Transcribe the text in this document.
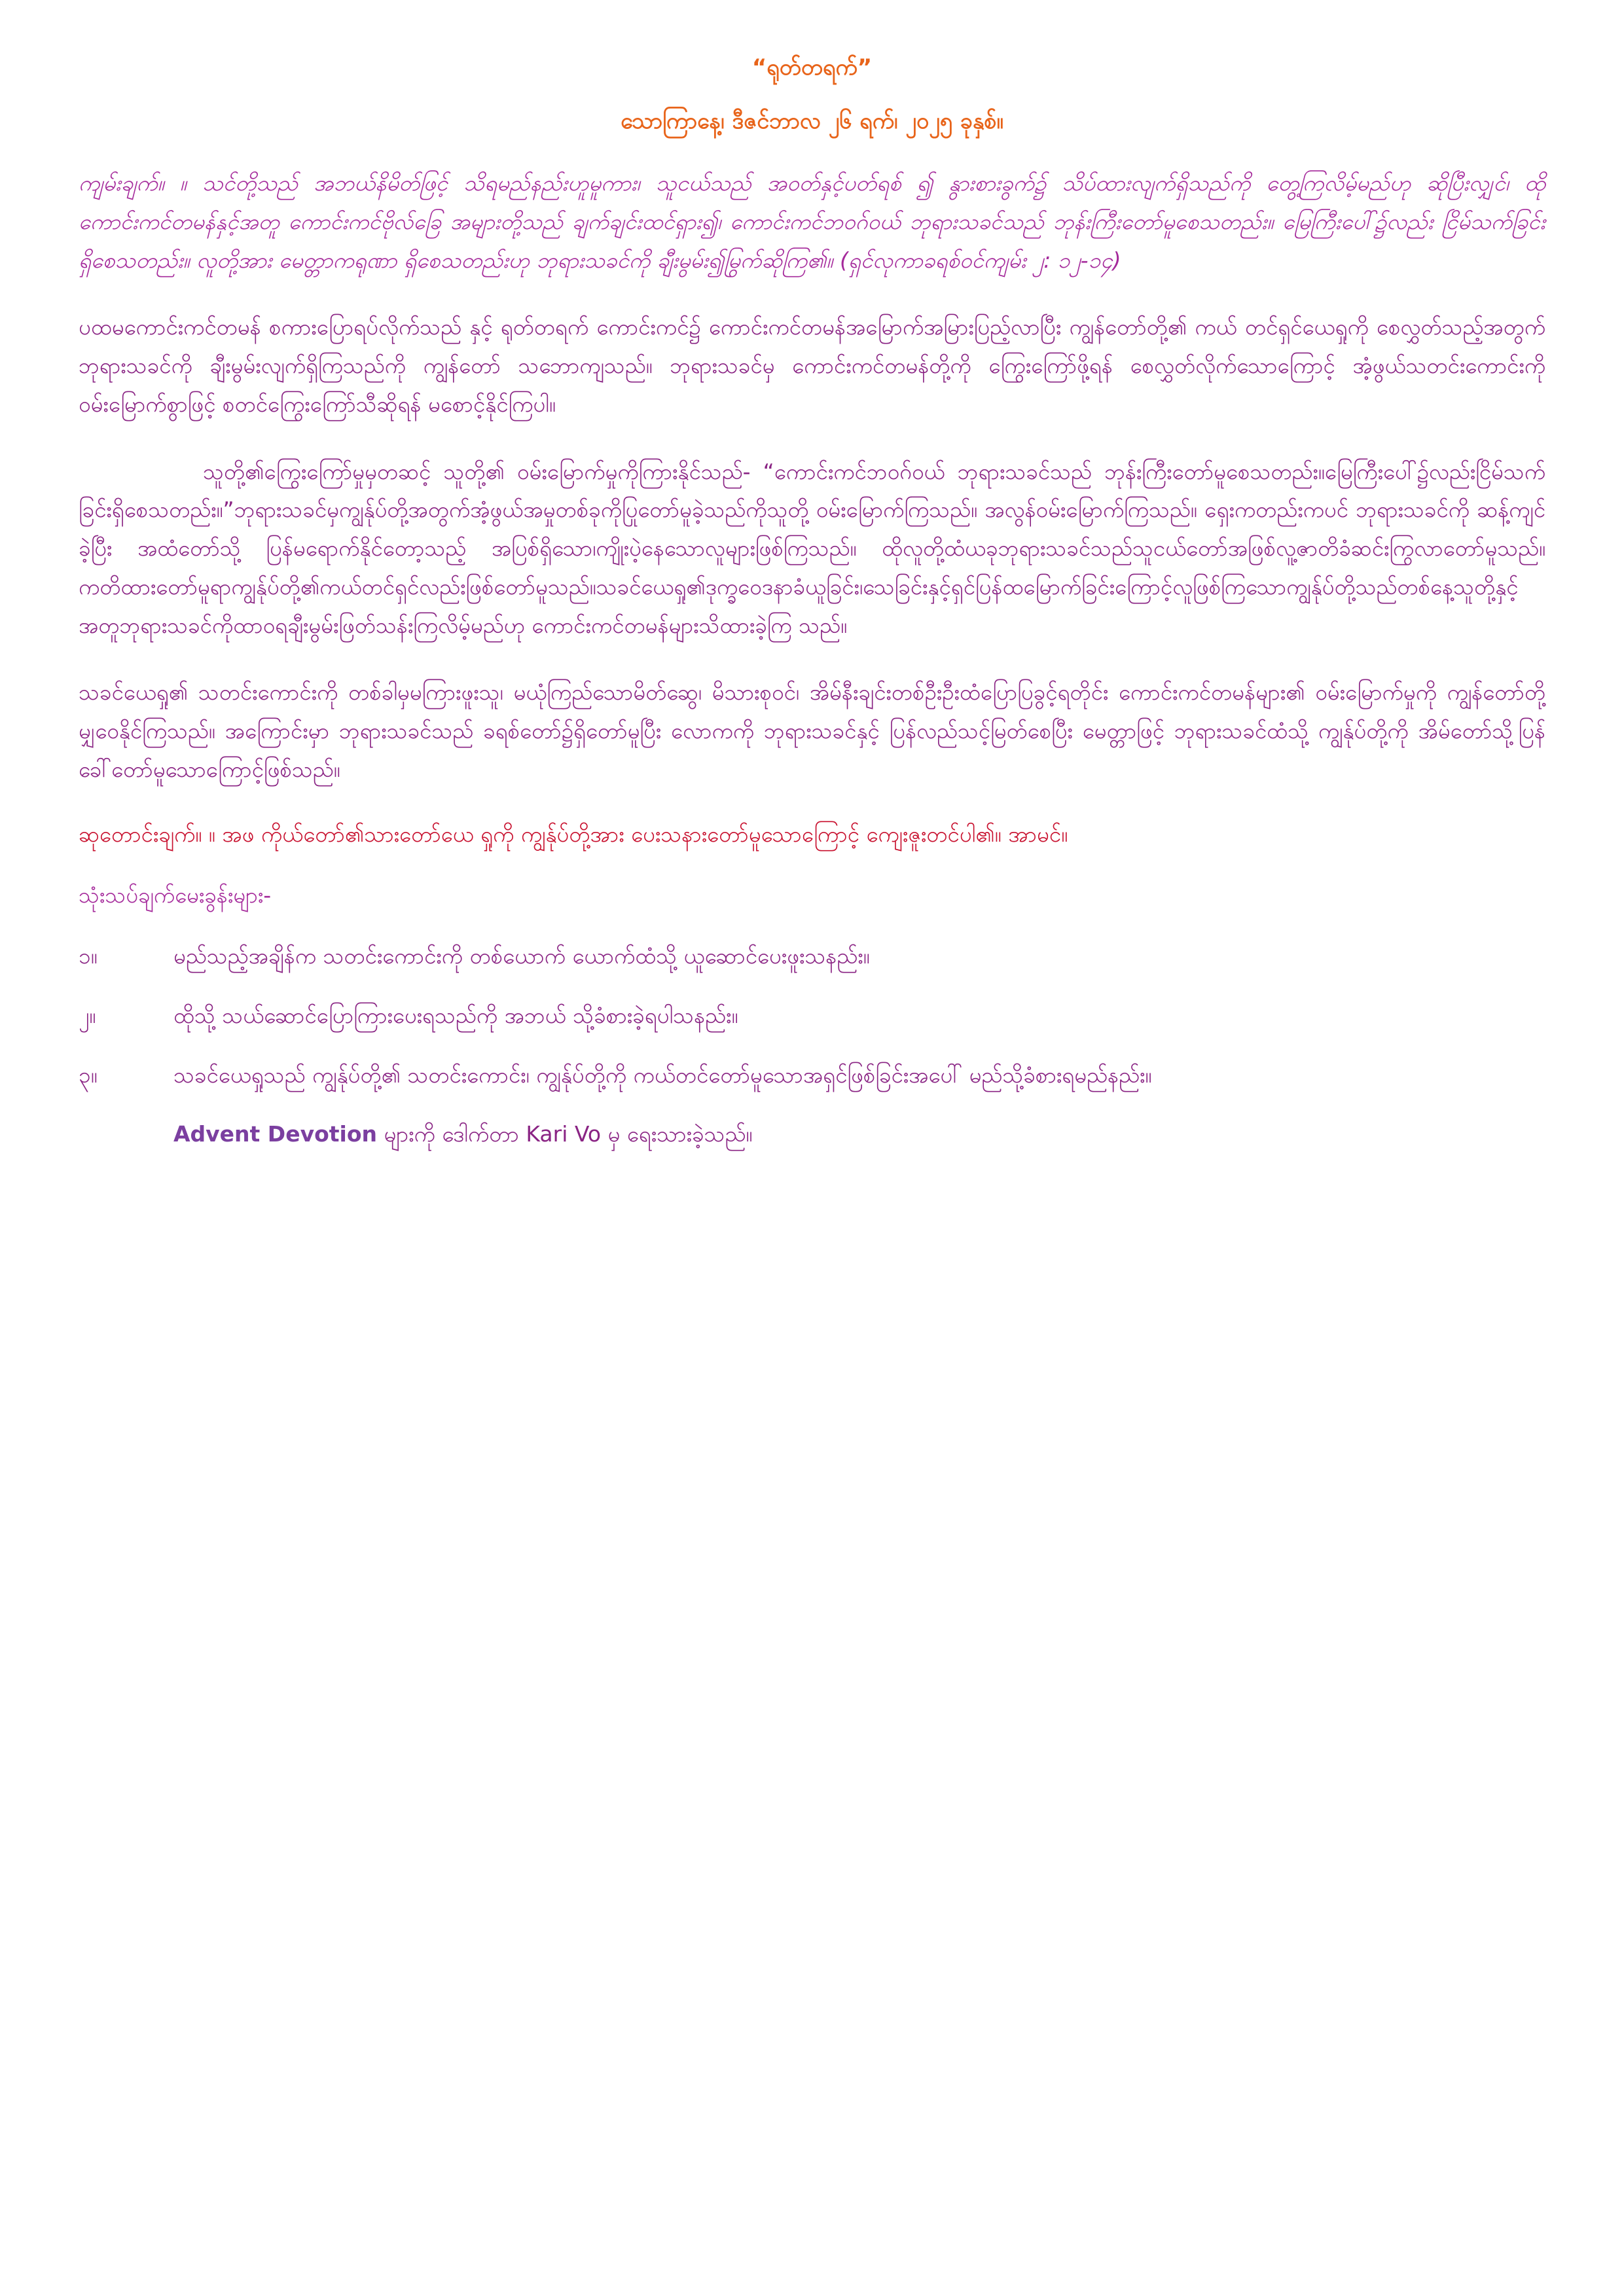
“ရုတ်တရက်”
သောကြာနေ့၊ ဒီဇင်ဘာလ ၂၆ ရက်၊ ၂၀၂၅ ခုနှစ်။

ကျမ်းချက်။ ။ သင်တို့သည် အဘယ်နိမိတ်ဖြင့် သိရမည်နည်းဟူမူကား၊ သူငယ်သည် အဝတ်နှင့်ပတ်ရစ် ၍ နွားစားခွက်၌ သိပ်ထားလျက်ရှိသည်ကို တွေ့ကြလိမ့်မည်ဟု ဆိုပြီးလျှင်၊ ထိုကောင်းကင်တမန်နှင့်အတူ ကောင်းကင်ဗိုလ်ခြေ အများတို့သည် ချက်ချင်းထင်ရှား၍၊ ကောင်းကင်ဘဝဂ်ဝယ် ဘုရားသခင်သည် ဘုန်းကြီးတော်မူစေသတည်း။ မြေကြီးပေါ်၌လည်း ငြိမ်သက်ခြင်း ရှိစေသတည်း။ လူတို့အား မေတ္တာကရုဏာ ရှိစေသတည်းဟု ဘုရားသခင်ကို ချီးမွမ်း၍မြွက်ဆိုကြ၏။ (ရှင်လုကာခရစ်ဝင်ကျမ်း ၂: ၁၂-၁၄)

ပထမကောင်းကင်တမန် စကားပြောရပ်လိုက်သည် နှင့် ရုတ်တရက် ကောင်းကင်၌ ကောင်းကင်တမန်အမြောက်အမြားပြည့်လာပြီး ကျွန်တော်တို့၏ ကယ် တင်ရှင်ယေရှုကို စေလွှတ်သည့်အတွက် ဘုရားသခင်ကို ချီးမွမ်းလျက်ရှိကြသည်ကို ကျွန်တော် သဘောကျသည်။ ဘုရားသခင်မှ ကောင်းကင်တမန်တို့ကို ကြွေးကြော်ဖို့ရန် စေလွှတ်လိုက်သောကြောင့် အံ့ဖွယ်သတင်းကောင်းကို ဝမ်းမြောက်စွာဖြင့် စတင်ကြွေးကြော်သီဆိုရန် မစောင့်နိုင်ကြပါ။

သူတို့၏ကြွေးကြော်မှုမှတဆင့် သူတို့၏ ဝမ်းမြောက်မှုကိုကြားနိုင်သည်- “ကောင်းကင်ဘဝဂ်ဝယ် ဘုရားသခင်သည် ဘုန်းကြီးတော်မူစေသတည်း။မြေကြီးပေါ်၌လည်းငြိမ်သက်ခြင်းရှိစေသတည်း။”ဘုရားသခင်မှကျွန်ုပ်တို့အတွက်အံ့ဖွယ်အမှုတစ်ခုကိုပြုတော်မူခဲ့သည်ကိုသူတို့ ဝမ်းမြောက်ကြသည်။ အလွန်ဝမ်းမြောက်ကြသည်။ ရှေးကတည်းကပင် ဘုရားသခင်ကို ဆန့်ကျင်ခဲ့ပြီး အထံတော်သို့ ပြန်မရောက်နိုင်တော့သည့် အပြစ်ရှိသော၊ကျိုးပဲ့နေသောလူများဖြစ်ကြသည်။ ထိုလူတို့ထံယခုဘုရားသခင်သည်သူငယ်တော်အဖြစ်လူ့ဇာတိခံဆင်းကြွလာတော်မူသည်။ ကတိထားတော်မူရာကျွန်ုပ်တို့၏ကယ်တင်ရှင်လည်းဖြစ်တော်မူသည်။သခင်ယေရှု၏ဒုက္ခဝေဒနာခံယူခြင်း၊သေခြင်းနှင့်ရှင်ပြန်ထမြောက်ခြင်းကြောင့်လူဖြစ်ကြသောကျွန်ုပ်တို့သည်တစ်နေ့သူတို့နှင့်အတူဘုရားသခင်ကိုထာဝရချီးမွမ်းဖြတ်သန်းကြလိမ့်မည်ဟု ကောင်းကင်တမန်များသိထားခဲ့ကြ သည်။

သခင်ယေရှု၏ သတင်းကောင်းကို တစ်ခါမှမကြားဖူးသူ၊ မယုံကြည်သောမိတ်ဆွေ၊ မိသားစုဝင်၊ အိမ်နီးချင်းတစ်ဦးဦးထံပြောပြခွင့်ရတိုင်း ကောင်းကင်တမန်များ၏ ဝမ်းမြောက်မှုကို ကျွန်တော်တို့ မျှဝေနိုင်ကြသည်။ အကြောင်းမှာ ဘုရားသခင်သည် ခရစ်တော်၌ရှိတော်မူပြီး လောကကို ဘုရားသခင်နှင့် ပြန်လည်သင့်မြတ်စေပြီး မေတ္တာဖြင့် ဘုရားသခင်ထံသို့ ကျွန်ုပ်တို့ကို အိမ်တော်သို့ပြန်ခေါ်တော်မူသောကြောင့်ဖြစ်သည်။

ဆုတောင်းချက်။ ။ အဖ ကိုယ်တော်၏သားတော်ယေ ရှုကို ကျွန်ုပ်တို့အား ပေးသနားတော်မူသောကြောင့် ကျေးဇူးတင်ပါ၏။ အာမင်။

သုံးသပ်ချက်မေးခွန်းများ-

၁။	မည်သည့်အချိန်က သတင်းကောင်းကို တစ်ယောက် ယောက်ထံသို့ ယူဆောင်ပေးဖူးသနည်း။
၂။	ထိုသို့ သယ်ဆောင်ပြောကြားပေးရသည်ကို အဘယ် သို့ခံစားခဲ့ရပါသနည်း။
၃။	သခင်ယေရှုသည် ကျွန်ုပ်တို့၏ သတင်းကောင်း၊ ကျွန်ုပ်တို့ကို ကယ်တင်တော်မူသောအရှင်ဖြစ်ခြင်းအပေါ် မည်သို့ခံစားရမည်နည်း။

Advent Devotion များကို ဒေါက်တာ Kari Vo မှ ရေးသားခဲ့သည်။
